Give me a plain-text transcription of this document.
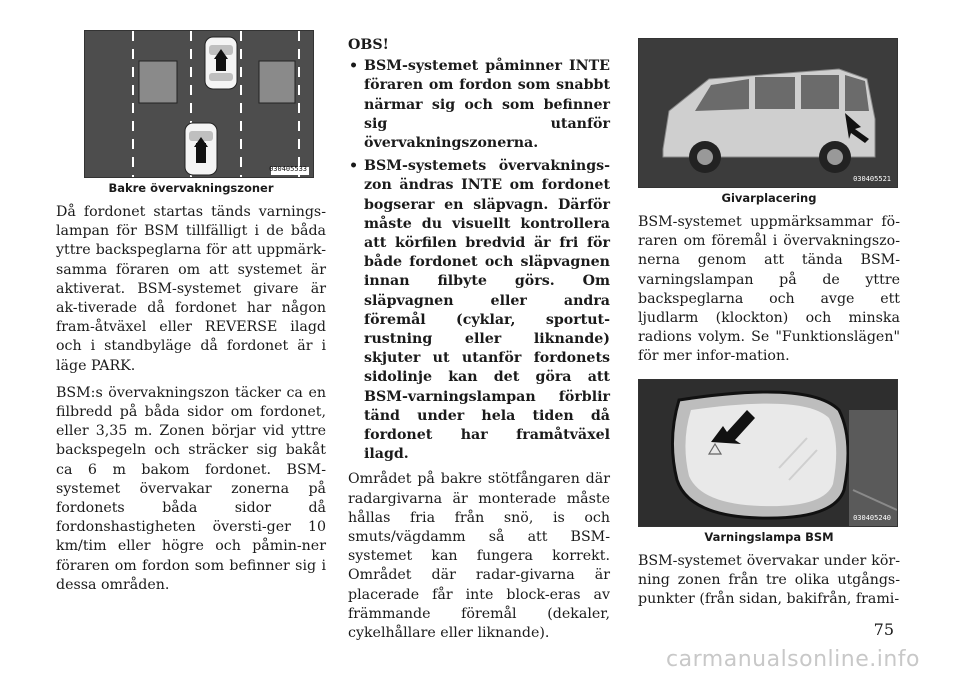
030405533
Bakre övervakningszoner

Då fordonet startas tänds varnings-lampan för BSM tillfälligt i de båda yttre backspeglarna för att uppmärk-samma föraren om att systemet är aktiverat. BSM-systemet givare är ak-tiverade då fordonet har någon fram-åtväxel eller REVERSE ilagd och i standbyläge då fordonet är i läge PARK.

BSM:s övervakningszon täcker ca en filbredd på båda sidor om fordonet, eller 3,35 m. Zonen börjar vid yttre backspegeln och sträcker sig bakåt ca 6 m bakom fordonet. BSM-systemet övervakar zonerna på fordonets båda sidor då fordonshastigheten översti-ger 10 km/tim eller högre och påmin-ner föraren om fordon som befinner sig i dessa områden.

OBS!
• BSM-systemet påminner INTE föraren om fordon som snabbt närmar sig och som befinner sig utanför övervakningszonerna.
• BSM-systemets övervaknings-zon ändras INTE om fordonet bogserar en släpvagn. Därför måste du visuellt kontrollera att körfilen bredvid är fri för både fordonet och släpvagnen innan filbyte görs. Om släpvagnen eller andra föremål (cyklar, sportut-rustning eller liknande) skjuter ut utanför fordonets sidolinje kan det göra att BSM-varningslampan förblir tänd under hela tiden då fordonet har framåtväxel ilagd.

Området på bakre stötfångaren där radargivarna är monterade måste hållas fria från snö, is och smuts/vägdamm så att BSM-systemet kan fungera korrekt. Området där radar-givarna är placerade får inte block-eras av främmande föremål (dekaler, cykelhållare eller liknande).

030405521
Givarplacering

BSM-systemet uppmärksammar fö-raren om föremål i övervakningszo-nerna genom att tända BSM-varningslampan på de yttre backspeglarna och avge ett ljudlarm (klockton) och minska radions volym. Se "Funktionslägen" för mer infor-mation.

030405240
Varningslampa BSM

BSM-systemet övervakar under kör-ning zonen från tre olika utgångs-punkter (från sidan, bakifrån, frami-

75
carmanualsonline.info
